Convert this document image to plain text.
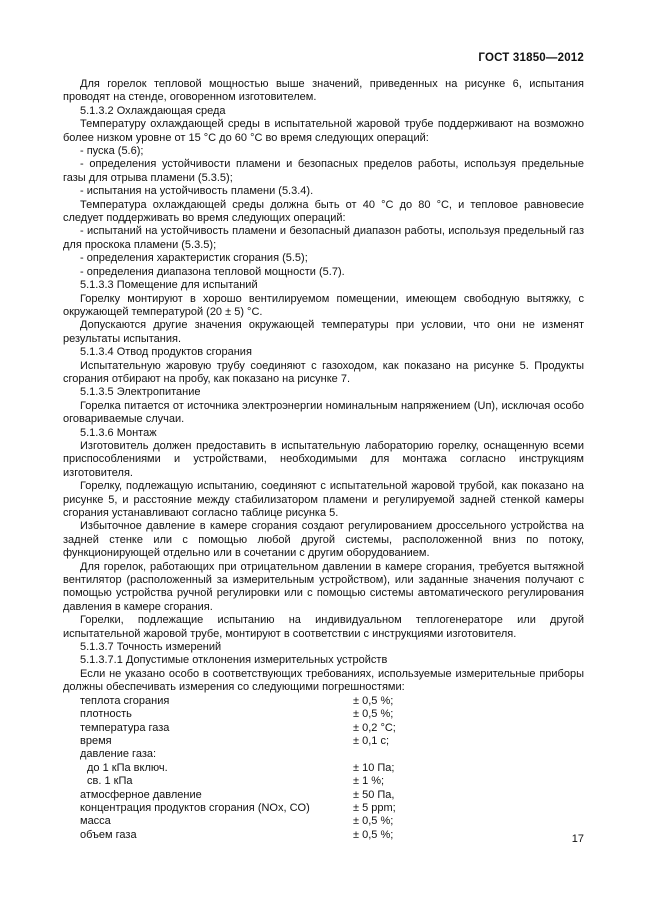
ГОСТ 31850—2012

Для горелок тепловой мощностью выше значений, приведенных на рисунке 6, испытания проводят на стенде, оговоренном изготовителем.

5.1.3.2 Охлаждающая среда

Температуру охлаждающей среды в испытательной жаровой трубе поддерживают на возможно более низком уровне от 15 °С до 60 °С во время следующих операций:

- пуска (5.6);

- определения устойчивости пламени и безопасных пределов работы, используя предельные газы для отрыва пламени (5.3.5);

- испытания на устойчивость пламени (5.3.4).

Температура охлаждающей среды должна быть от 40 °С до 80 °С, и тепловое равновесие следует поддерживать во время следующих операций:

- испытаний на устойчивость пламени и безопасный диапазон работы, используя предельный газ для проскока пламени (5.3.5);

- определения характеристик сгорания (5.5);

- определения диапазона тепловой мощности (5.7).

5.1.3.3 Помещение для испытаний

Горелку монтируют в хорошо вентилируемом помещении, имеющем свободную вытяжку, с окружающей температурой (20 ± 5) °С.

Допускаются другие значения окружающей температуры при условии, что они не изменят результаты испытания.

5.1.3.4 Отвод продуктов сгорания

Испытательную жаровую трубу соединяют с газоходом, как показано на рисунке 5. Продукты сгорания отбирают на пробу, как показано на рисунке 7.

5.1.3.5 Электропитание

Горелка питается от источника электроэнергии номинальным напряжением (Uп), исключая особо оговариваемые случаи.

5.1.3.6 Монтаж

Изготовитель должен предоставить в испытательную лабораторию горелку, оснащенную всеми приспособлениями и устройствами, необходимыми для монтажа согласно инструкциям изготовителя.

Горелку, подлежащую испытанию, соединяют с испытательной жаровой трубой, как показано на рисунке 5, и расстояние между стабилизатором пламени и регулируемой задней стенкой камеры сгорания устанавливают согласно таблице рисунка 5.

Избыточное давление в камере сгорания создают регулированием дроссельного устройства на задней стенке или с помощью любой другой системы, расположенной вниз по потоку, функционирующей отдельно или в сочетании с другим оборудованием.

Для горелок, работающих при отрицательном давлении в камере сгорания, требуется вытяжной вентилятор (расположенный за измерительным устройством), или заданные значения получают с помощью устройства ручной регулировки или с помощью системы автоматического регулирования давления в камере сгорания.

Горелки, подлежащие испытанию на индивидуальном теплогенераторе или другой испытательной жаровой трубе, монтируют в соответствии с инструкциями изготовителя.

5.1.3.7 Точность измерений

5.1.3.7.1 Допустимые отклонения измерительных устройств

Если не указано особо в соответствующих требованиях, используемые измерительные приборы должны обеспечивать измерения со следующими погрешностями:

теплота сгорания	± 0,5 %;
плотность	± 0,5 %;
температура газа	± 0,2 °С;
время	± 0,1 с;
давление газа:
до 1 кПа включ.	± 10 Па;
св. 1 кПа	± 1 %;
атмосферное давление	± 50 Па,
концентрация продуктов сгорания (NOx, CO)	± 5 ppm;
масса	± 0,5 %;
объем газа	± 0,5 %;	17
